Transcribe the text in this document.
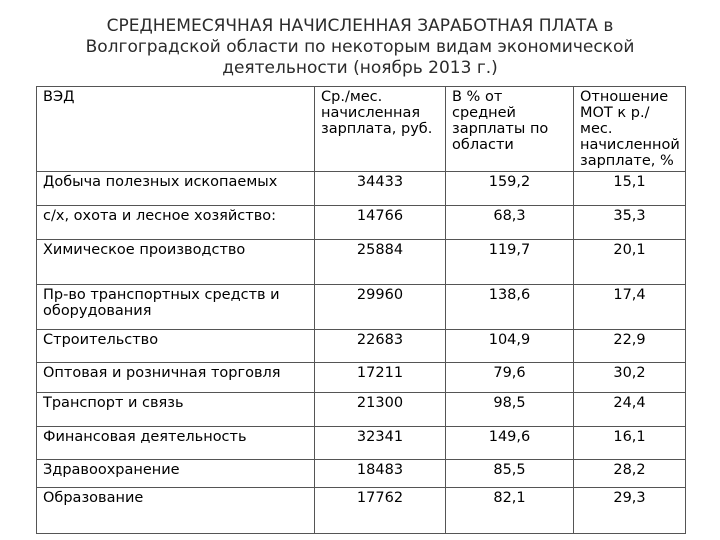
СРЕДНЕМЕСЯЧНАЯ НАЧИСЛЕННАЯ ЗАРАБОТНАЯ ПЛАТА в
Волгоградской области по некоторым видам экономической
деятельности (ноябрь 2013 г.)
ВЭД	Ср./мес. начисленная зарплата, руб.	В % от средней зарплаты по области	Отношение МОТ к р./мес. начисленной зарплате, %
Добыча полезных ископаемых	34433	159,2	15,1
с/х, охота и лесное хозяйство:	14766	68,3	35,3
Химическое производство	25884	119,7	20,1
Пр-во транспортных средств и оборудования	29960	138,6	17,4
Строительство	22683	104,9	22,9
Оптовая и розничная торговля	17211	79,6	30,2
Транспорт и связь	21300	98,5	24,4
Финансовая деятельность	32341	149,6	16,1
Здравоохранение	18483	85,5	28,2
Образование	17762	82,1	29,3
